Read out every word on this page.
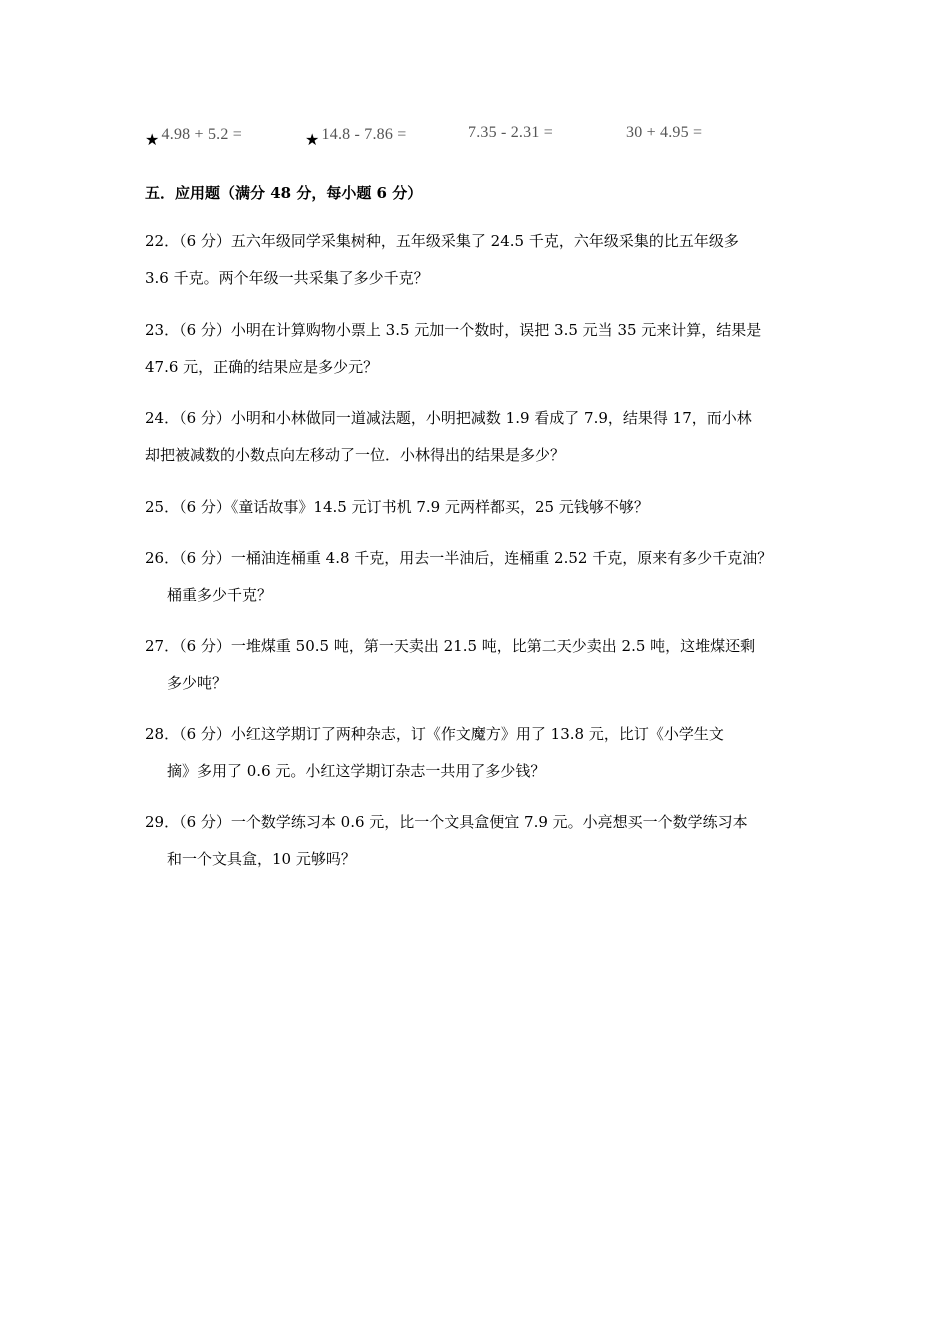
★ 4.98 + 5.2 =	★ 14.8 - 7.86 =	7.35 - 2.31 =	30 + 4.95 =
五．应用题（满分 48 分，每小题 6 分）
22．（6 分）五六年级同学采集树种，五年级采集了 24.5 千克，六年级采集的比五年级多
3.6 千克。两个年级一共采集了多少千克？
23．（6 分）小明在计算购物小票上 3.5 元加一个数时，误把 3.5 元当 35 元来计算，结果是
47.6 元，正确的结果应是多少元？
24．（6 分）小明和小林做同一道减法题，小明把减数 1.9 看成了 7.9，结果得 17，而小林
却把被减数的小数点向左移动了一位．小林得出的结果是多少？
25．（6 分）《童话故事》14.5 元订书机 7.9 元两样都买，25 元钱够不够？
26．（6 分）一桶油连桶重 4.8 千克，用去一半油后，连桶重 2.52 千克，原来有多少千克油？
桶重多少千克？
27．（6 分）一堆煤重 50.5 吨，第一天卖出 21.5 吨，比第二天少卖出 2.5 吨，这堆煤还剩
多少吨？
28．（6 分）小红这学期订了两种杂志，订《作文魔方》用了 13.8 元，比订《小学生文
摘》多用了 0.6 元。小红这学期订杂志一共用了多少钱？
29．（6 分）一个数学练习本 0.6 元，比一个文具盒便宜 7.9 元。小亮想买一个数学练习本
和一个文具盒，10 元够吗？
